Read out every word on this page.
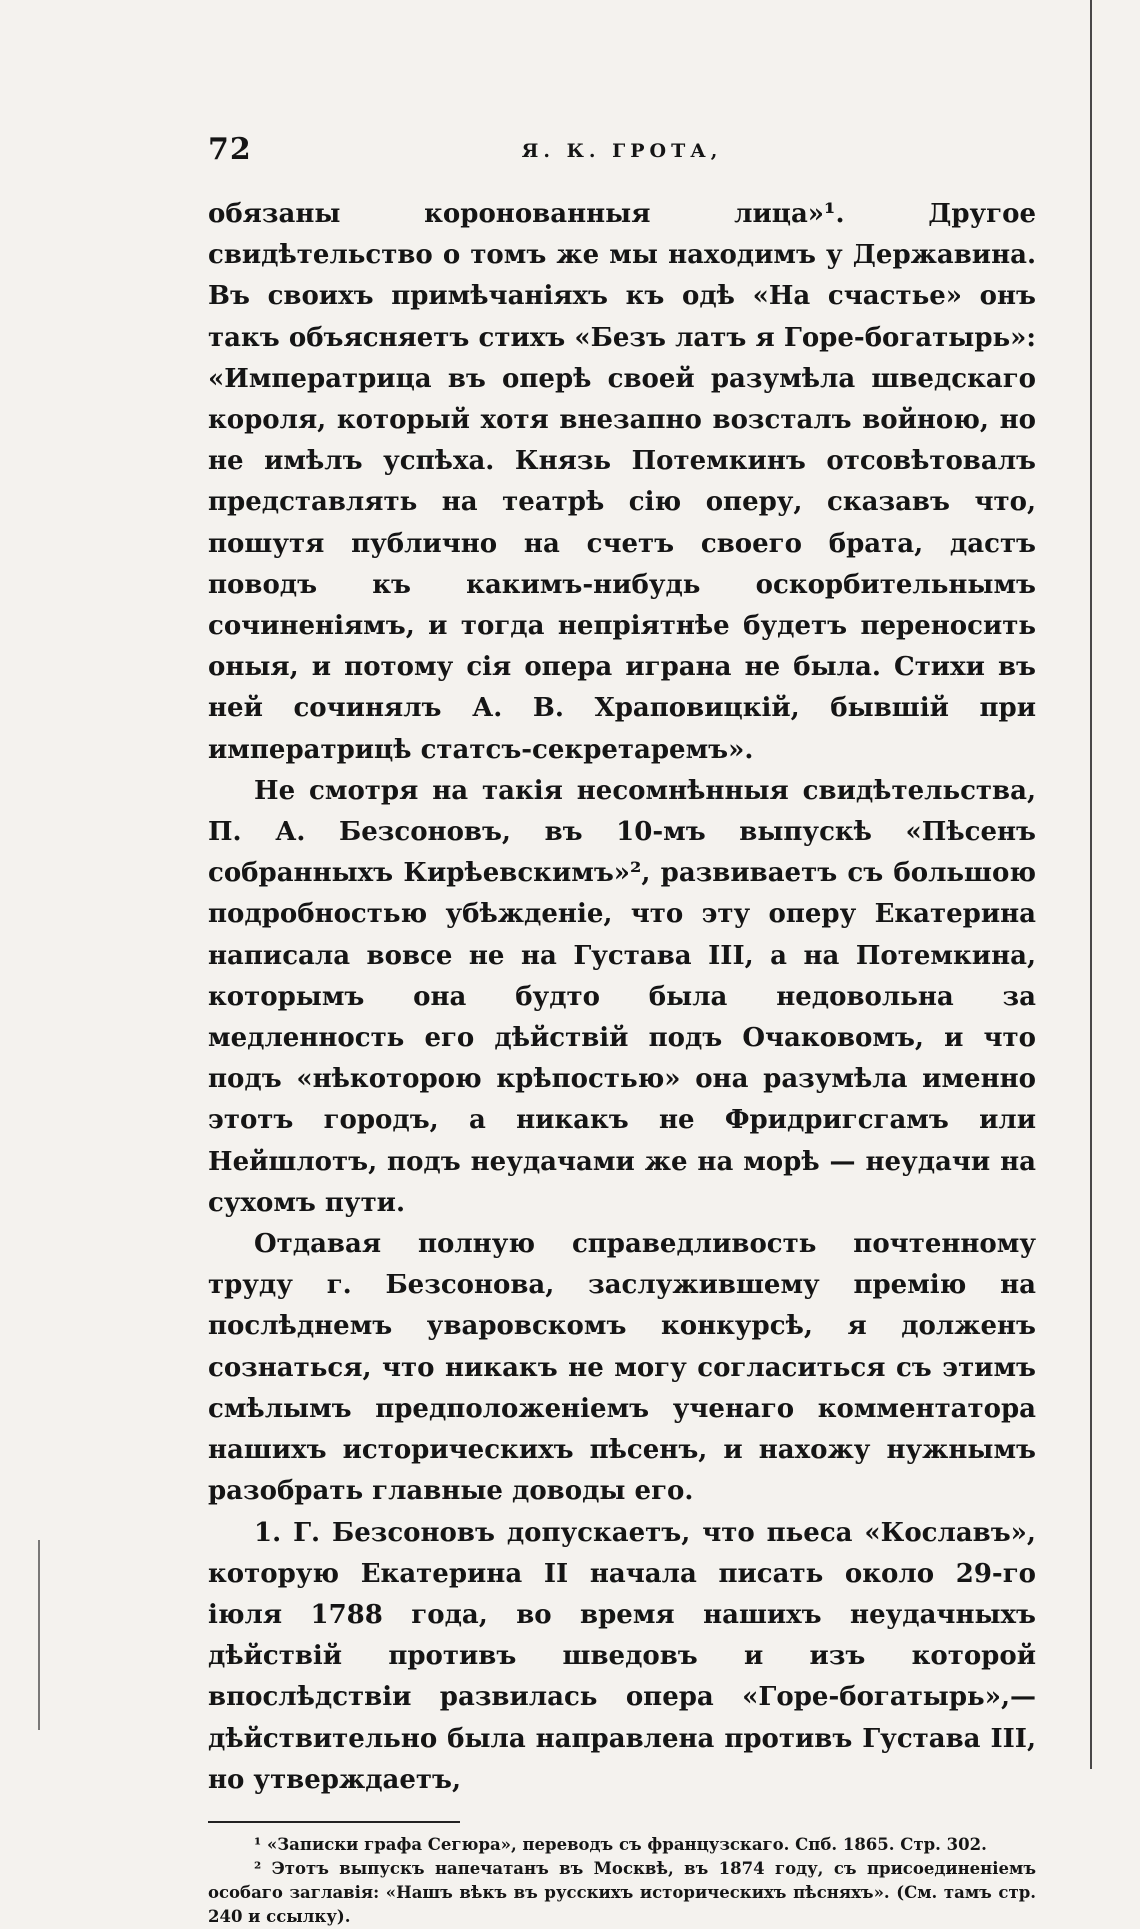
72	Я. К. ГРОТА,

обязаны коронованныя лица»¹. Другое свидѣтельство о томъ же мы находимъ у Державина. Въ своихъ примѣчаніяхъ къ одѣ «На счастье» онъ такъ объясняетъ стихъ «Безъ латъ я Горе-богатырь»: «Императрица въ оперѣ своей разумѣла шведскаго короля, который хотя внезапно возсталъ войною, но не имѣлъ успѣха. Князь Потемкинъ отсовѣтовалъ представлять на театрѣ сію оперу, сказавъ что, пошутя публично на счетъ своего брата, дастъ поводъ къ какимъ-нибудь оскорбительнымъ сочиненіямъ, и тогда непріятнѣе будетъ переносить оныя, и потому сія опера играна не была. Стихи въ ней сочинялъ А. В. Храповицкій, бывшій при императрицѣ статсъ-секретаремъ».

Не смотря на такія несомнѣнныя свидѣтельства, П. А. Безсоновъ, въ 10-мъ выпускѣ «Пѣсенъ собранныхъ Кирѣевскимъ»², развиваетъ съ большою подробностью убѣжденіе, что эту оперу Екатерина написала вовсе не на Густава III, а на Потемкина, которымъ она будто была недовольна за медленность его дѣйствій подъ Очаковомъ, и что подъ «нѣкоторою крѣпостью» она разумѣла именно этотъ городъ, а никакъ не Фридригсгамъ или Нейшлотъ, подъ неудачами же на морѣ — неудачи на сухомъ пути.

Отдавая полную справедливость почтенному труду г. Безсонова, заслужившему премію на послѣднемъ уваровскомъ конкурсѣ, я долженъ сознаться, что никакъ не могу согласиться съ этимъ смѣлымъ предположеніемъ ученаго комментатора нашихъ историческихъ пѣсенъ, и нахожу нужнымъ разобрать главные доводы его.

1. Г. Безсоновъ допускаетъ, что пьеса «Кославъ», которую Екатерина II начала писать около 29-го іюля 1788 года, во время нашихъ неудачныхъ дѣйствій противъ шведовъ и изъ которой впослѣдствіи развилась опера «Горе-богатырь»,—дѣйствительно была направлена противъ Густава III, но утверждаетъ,

¹ «Записки графа Сегюра», переводъ съ французскаго. Спб. 1865. Стр. 302.

² Этотъ выпускъ напечатанъ въ Москвѣ, въ 1874 году, съ присоединеніемъ особаго заглавія: «Нашъ вѣкъ въ русскихъ историческихъ пѣсняхъ». (См. тамъ стр. 240 и ссылку).
